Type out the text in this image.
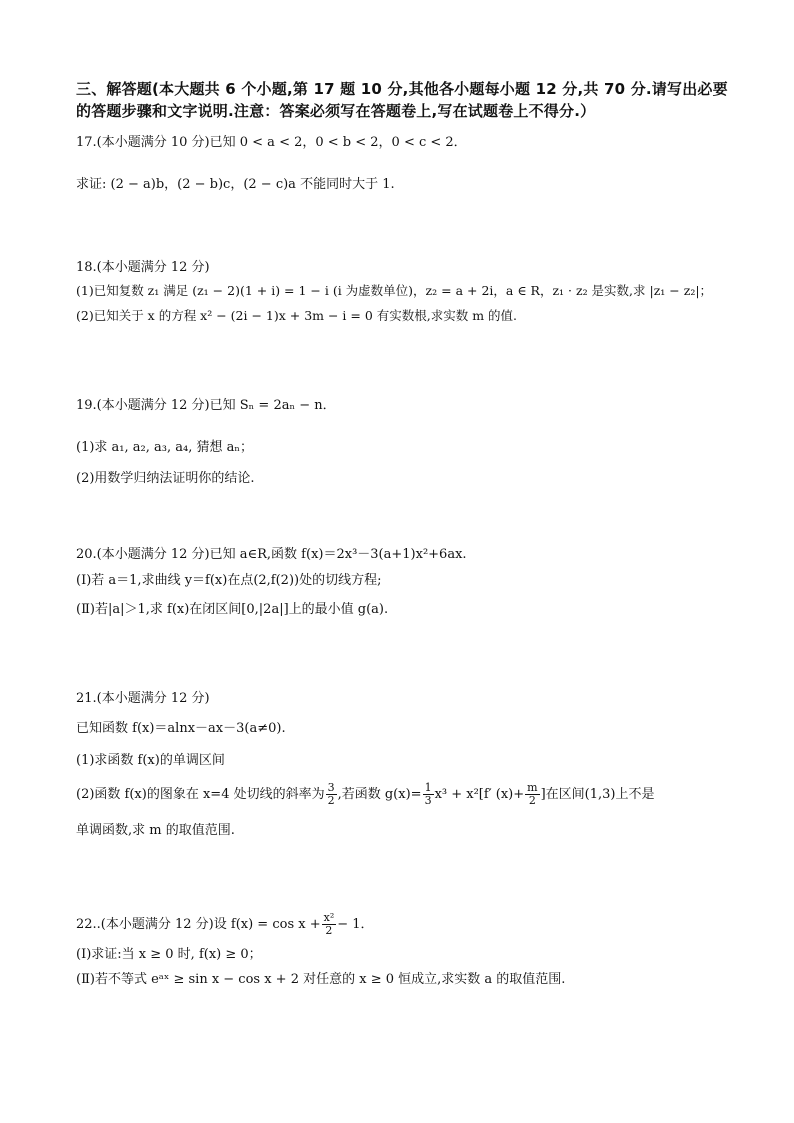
三、解答题(本大题共 6 个小题,第 17 题 10 分,其他各小题每小题 12 分,共 70 分.请写出必要的答题步骤和文字说明.注意：答案必须写在答题卷上,写在试题卷上不得分.）
17.(本小题满分 10 分)已知 0 < a < 2，0 < b < 2，0 < c < 2．
求证: (2 − a)b，(2 − b)c，(2 − c)a 不能同时大于 1.
18.(本小题满分 12 分)
(1)已知复数 z₁ 满足 (z₁ − 2)(1 + i) = 1 − i (i 为虚数单位)，z₂ = a + 2i，a ∈ R，z₁ · z₂ 是实数,求 |z₁ − z₂|；
(2)已知关于 x 的方程 x² − (2i − 1)x + 3m − i = 0 有实数根,求实数 m 的值.
19.(本小题满分 12 分)已知 Sₙ = 2aₙ − n．
(1)求 a₁, a₂, a₃, a₄, 猜想 aₙ；
(2)用数学归纳法证明你的结论.
20.(本小题满分 12 分)已知 a∈R,函数 f(x)＝2x³－3(a+1)x²+6ax.
(Ⅰ)若 a＝1,求曲线 y＝f(x)在点(2,f(2))处的切线方程;
(Ⅱ)若|a|＞1,求 f(x)在闭区间[0,|2a|]上的最小值 g(a).
21.(本小题满分 12 分)
已知函数 f(x)＝alnx－ax－3(a≠0).
(1)求函数 f(x)的单调区间
(2)函数 f(x)的图象在 x=4 处切线的斜率为 $\frac{3}{2}$ ,若函数 $g(x)= \frac{1}{3} x^3 + x^2[f'$ $(x)+ \frac{m}{2}$ ]在区间(1,3)上不是
单调函数,求 m 的取值范围.
22..(本小题满分 12 分)设 $f(x) = \cos x + \frac{\text{x²}}{2} - 1$．
(Ⅰ)求证:当 x ≥ 0 时, f(x) ≥ 0；
(Ⅱ)若不等式 eᵃˣ ≥ sin x − cos x + 2 对任意的 x ≥ 0 恒成立,求实数 a 的取值范围.
